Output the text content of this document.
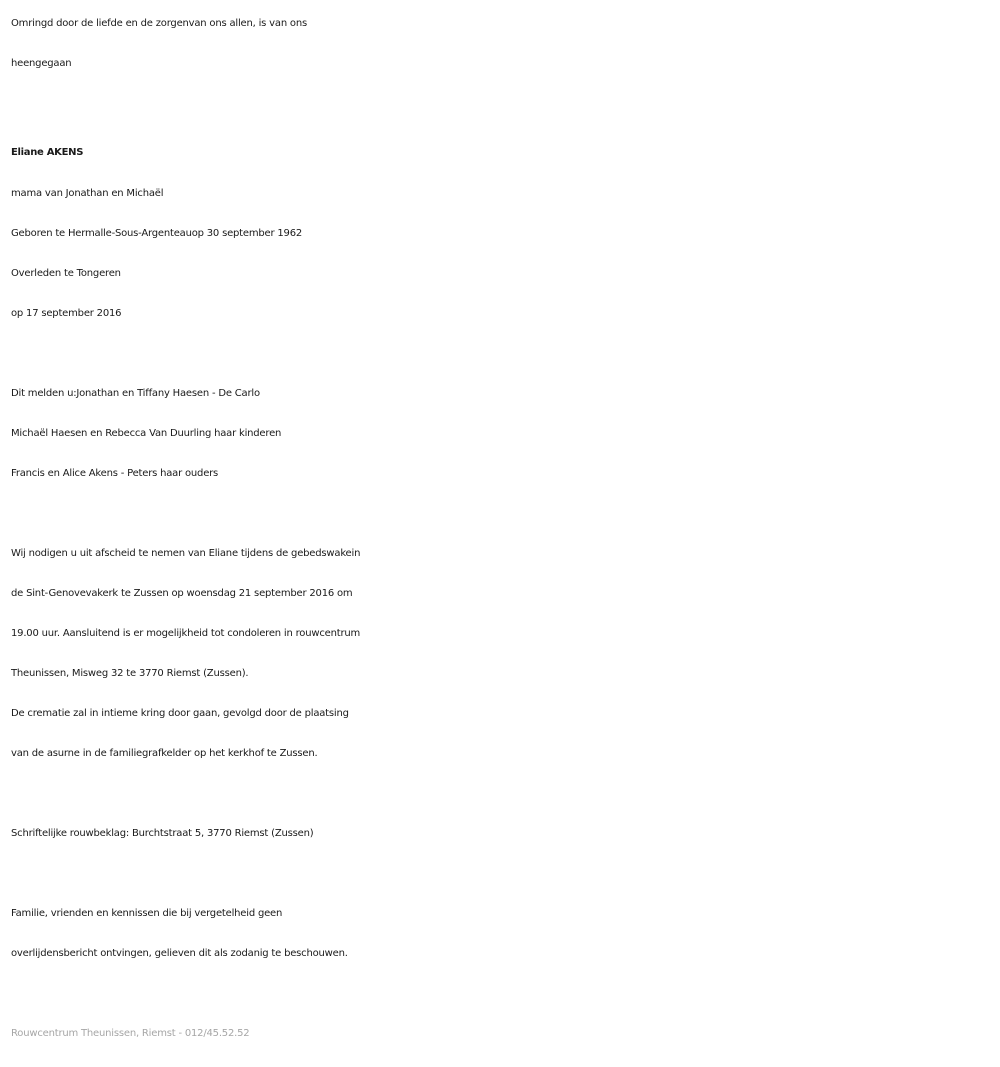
Omringd door de liefde en de zorgenvan ons allen, is van ons
heengegaan
Eliane AKENS
mama van Jonathan en Michaël
Geboren te Hermalle-Sous-Argenteauop 30 september 1962
Overleden te Tongeren
op 17 september 2016
Dit melden u:Jonathan en Tiffany Haesen - De Carlo
Michaël Haesen en Rebecca Van Duurling haar kinderen
Francis en Alice Akens - Peters haar ouders
Wij nodigen u uit afscheid te nemen van Eliane tijdens de gebedswakein
de Sint-Genovevakerk te Zussen op woensdag 21 september 2016 om
19.00 uur. Aansluitend is er mogelijkheid tot condoleren in rouwcentrum
Theunissen, Misweg 32 te 3770 Riemst (Zussen).
De crematie zal in intieme kring door gaan, gevolgd door de plaatsing
van de asurne in de familiegrafkelder op het kerkhof te Zussen.
Schriftelijke rouwbeklag: Burchtstraat 5, 3770 Riemst (Zussen)
Familie, vrienden en kennissen die bij vergetelheid geen
overlijdensbericht ontvingen, gelieven dit als zodanig te beschouwen.
Rouwcentrum Theunissen, Riemst - 012/45.52.52
